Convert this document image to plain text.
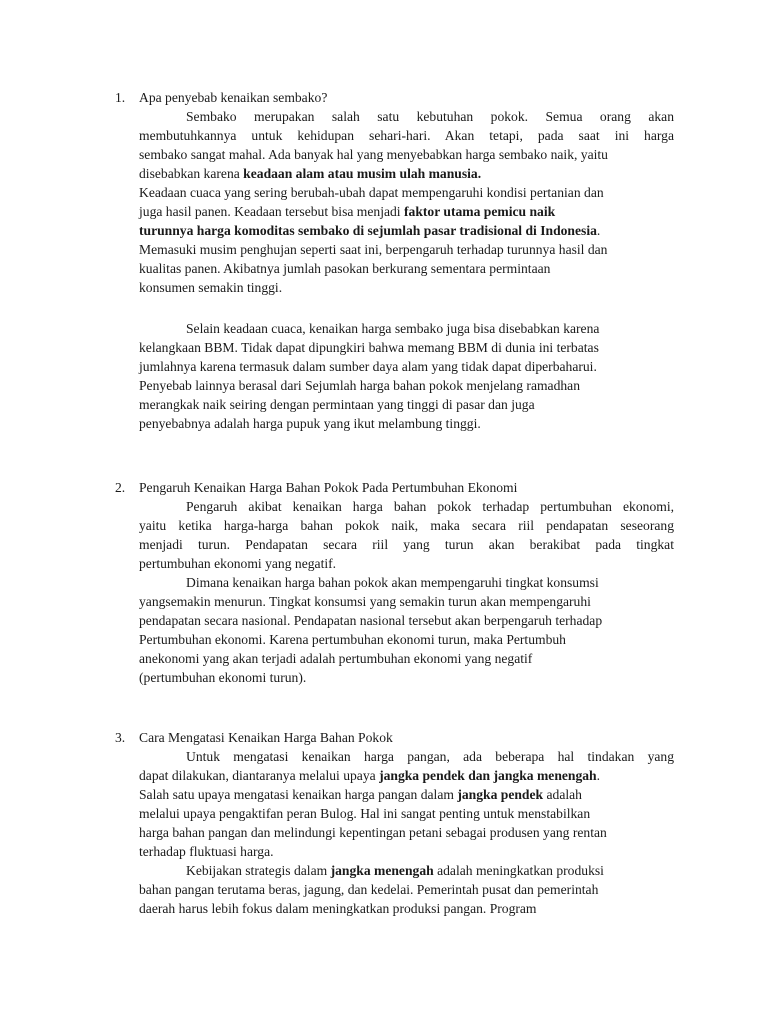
1. Apa penyebab kenaikan sembako?
Sembako merupakan salah satu kebutuhan pokok. Semua orang akan
membutuhkannya untuk kehidupan sehari-hari. Akan tetapi, pada saat ini harga
sembako sangat mahal. Ada banyak hal yang menyebabkan harga sembako naik, yaitu
disebabkan karena keadaan alam atau musim ulah manusia.
Keadaan cuaca yang sering berubah-ubah dapat mempengaruhi kondisi pertanian dan
juga hasil panen. Keadaan tersebut bisa menjadi faktor utama pemicu naik
turunnya harga komoditas sembako di sejumlah pasar tradisional di Indonesia.
Memasuki musim penghujan seperti saat ini, berpengaruh terhadap turunnya hasil dan
kualitas panen. Akibatnya jumlah pasokan berkurang sementara permintaan
konsumen semakin tinggi.
Selain keadaan cuaca, kenaikan harga sembako juga bisa disebabkan karena
kelangkaan BBM. Tidak dapat dipungkiri bahwa memang BBM di dunia ini terbatas
jumlahnya karena termasuk dalam sumber daya alam yang tidak dapat diperbaharui.
Penyebab lainnya berasal dari Sejumlah harga bahan pokok menjelang ramadhan
merangkak naik seiring dengan permintaan yang tinggi di pasar dan juga
penyebabnya adalah harga pupuk yang ikut melambung tinggi.
2. Pengaruh Kenaikan Harga Bahan Pokok Pada Pertumbuhan Ekonomi
Pengaruh akibat kenaikan harga bahan pokok terhadap pertumbuhan ekonomi,
yaitu ketika harga-harga bahan pokok naik, maka secara riil pendapatan seseorang
menjadi turun. Pendapatan secara riil yang turun akan berakibat pada tingkat
pertumbuhan ekonomi yang negatif.
Dimana kenaikan harga bahan pokok akan mempengaruhi tingkat konsumsi
yangsemakin menurun. Tingkat konsumsi yang semakin turun akan mempengaruhi
pendapatan secara nasional. Pendapatan nasional tersebut akan berpengaruh terhadap
Pertumbuhan ekonomi. Karena pertumbuhan ekonomi turun, maka Pertumbuh
anekonomi yang akan terjadi adalah pertumbuhan ekonomi yang negatif
(pertumbuhan ekonomi turun).
3. Cara Mengatasi Kenaikan Harga Bahan Pokok
Untuk mengatasi kenaikan harga pangan, ada beberapa hal tindakan yang
dapat dilakukan, diantaranya melalui upaya jangka pendek dan jangka menengah.
Salah satu upaya mengatasi kenaikan harga pangan dalam jangka pendek adalah
melalui upaya pengaktifan peran Bulog. Hal ini sangat penting untuk menstabilkan
harga bahan pangan dan melindungi kepentingan petani sebagai produsen yang rentan
terhadap fluktuasi harga.
Kebijakan strategis dalam jangka menengah adalah meningkatkan produksi
bahan pangan terutama beras, jagung, dan kedelai. Pemerintah pusat dan pemerintah
daerah harus lebih fokus dalam meningkatkan produksi pangan. Program
